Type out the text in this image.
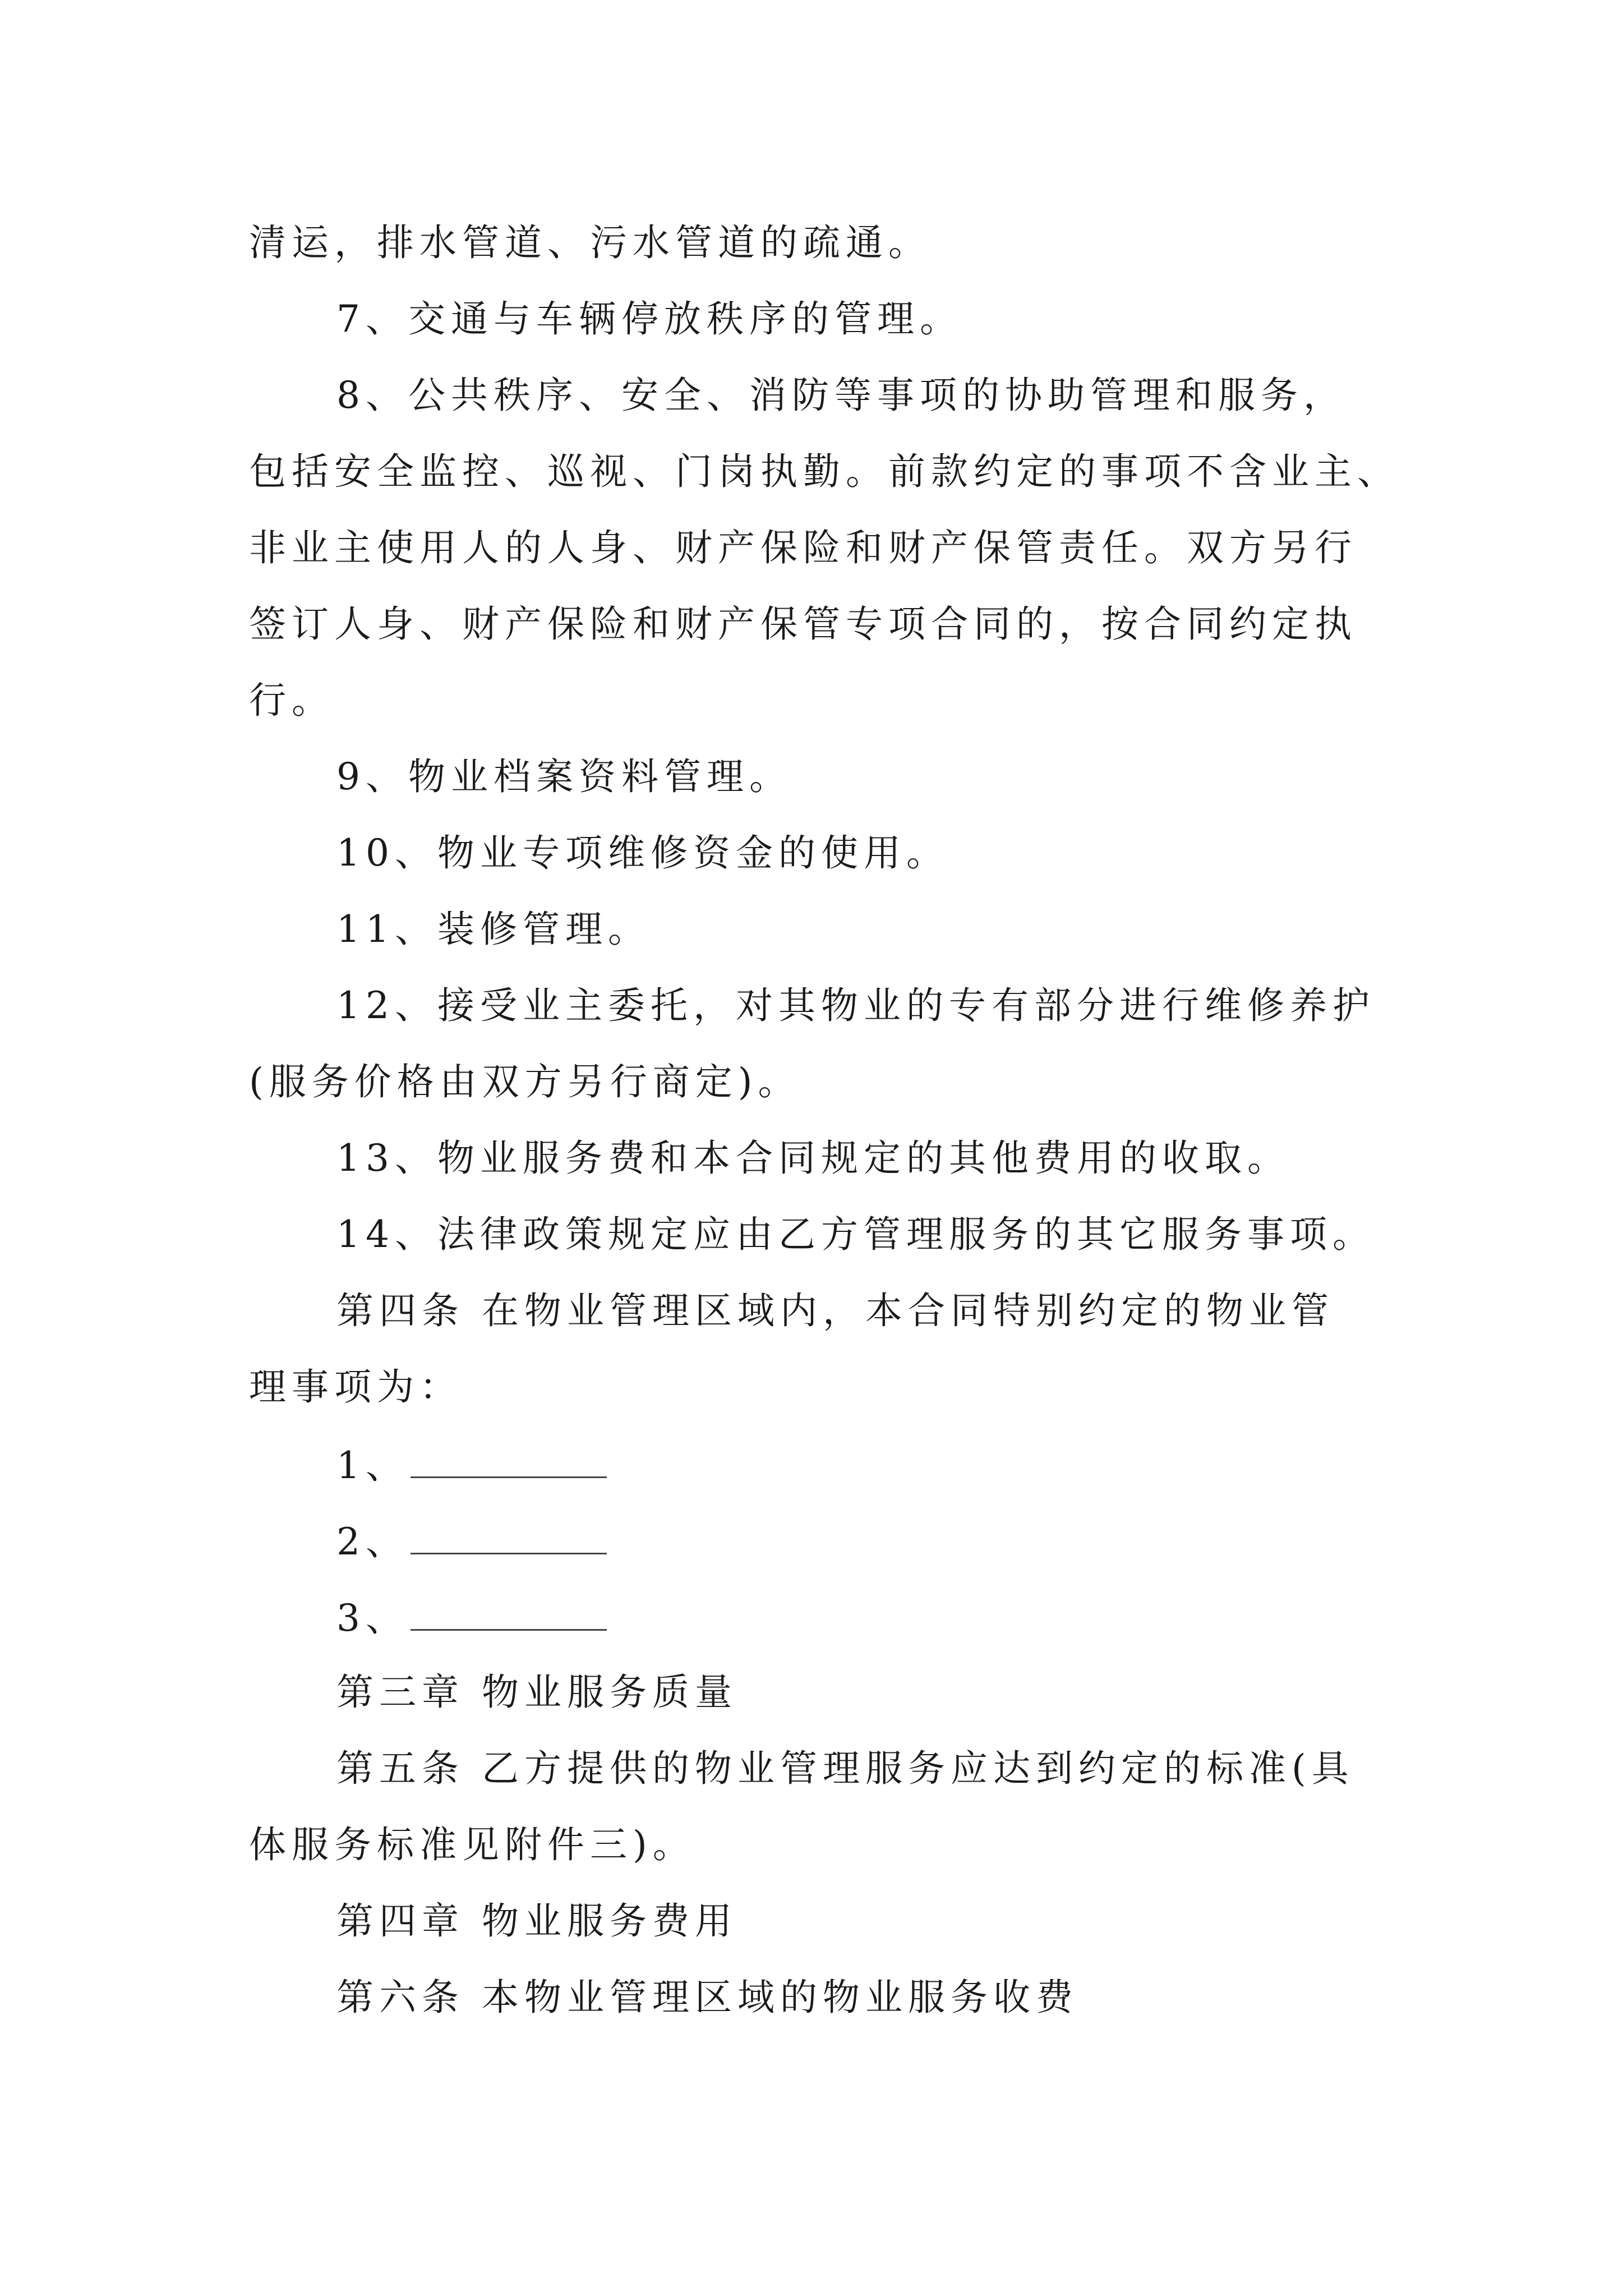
清运，排水管道、污水管道的疏通。

7、交通与车辆停放秩序的管理。

8、公共秩序、安全、消防等事项的协助管理和服务，

包括安全监控、巡视、门岗执勤。前款约定的事项不含业主、

非业主使用人的人身、财产保险和财产保管责任。双方另行

签订人身、财产保险和财产保管专项合同的，按合同约定执

行。

9、物业档案资料管理。

10、物业专项维修资金的使用。

11、装修管理。

12、接受业主委托，对其物业的专有部分进行维修养护

(服务价格由双方另行商定)。

13、物业服务费和本合同规定的其他费用的收取。

14、法律政策规定应由乙方管理服务的其它服务事项。

第四条 在物业管理区域内，本合同特别约定的物业管

理事项为：

1、

2、

3、

第三章 物业服务质量

第五条 乙方提供的物业管理服务应达到约定的标准(具

体服务标准见附件三)。

第四章 物业服务费用

第六条 本物业管理区域的物业服务收费
